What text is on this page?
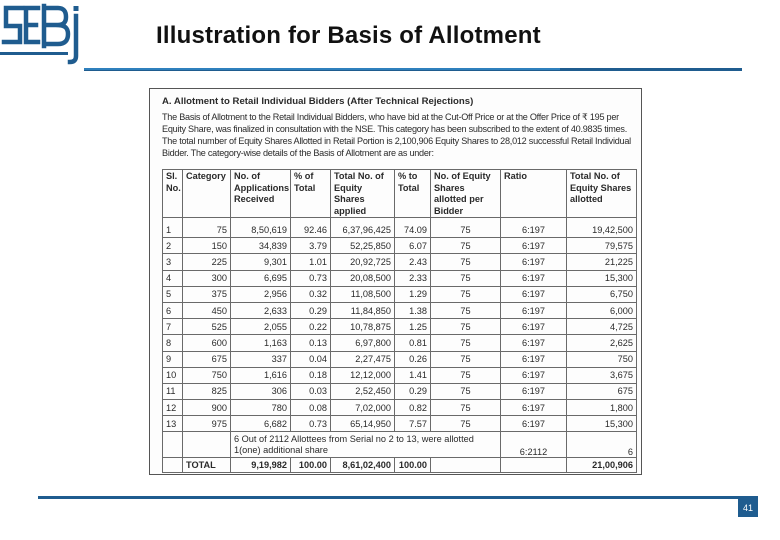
Illustration for Basis of Allotment
A. Allotment to Retail Individual Bidders (After Technical Rejections)
The Basis of Allotment to the Retail Individual Bidders, who have bid at the Cut-Off Price or at the Offer Price of ₹ 195 per
Equity Share, was finalized in consultation with the NSE. This category has been subscribed to the extent of 40.9835 times.
The total number of Equity Shares Allotted in Retail Portion is 2,100,906 Equity Shares to 28,012 successful Retail Individual
Bidder. The category-wise details of the Basis of Allotment are as under:
Sl. No.	Category	No. of Applications Received	% of Total	Total No. of Equity Shares applied	% to Total	No. of Equity Shares allotted per Bidder	Ratio	Total No. of Equity Shares allotted
1	75	8,50,619	92.46	6,37,96,425	74.09	75	6:197	19,42,500
2	150	34,839	3.79	52,25,850	6.07	75	6:197	79,575
3	225	9,301	1.01	20,92,725	2.43	75	6:197	21,225
4	300	6,695	0.73	20,08,500	2.33	75	6:197	15,300
5	375	2,956	0.32	11,08,500	1.29	75	6:197	6,750
6	450	2,633	0.29	11,84,850	1.38	75	6:197	6,000
7	525	2,055	0.22	10,78,875	1.25	75	6:197	4,725
8	600	1,163	0.13	6,97,800	0.81	75	6:197	2,625
9	675	337	0.04	2,27,475	0.26	75	6:197	750
10	750	1,616	0.18	12,12,000	1.41	75	6:197	3,675
11	825	306	0.03	2,52,450	0.29	75	6:197	675
12	900	780	0.08	7,02,000	0.82	75	6:197	1,800
13	975	6,682	0.73	65,14,950	7.57	75	6:197	15,300
		6 Out of 2112 Allottees from Serial no 2 to 13, were allotted 1(one) additional share					6:2112	6
	TOTAL	9,19,982	100.00	8,61,02,400	100.00			21,00,906
41
